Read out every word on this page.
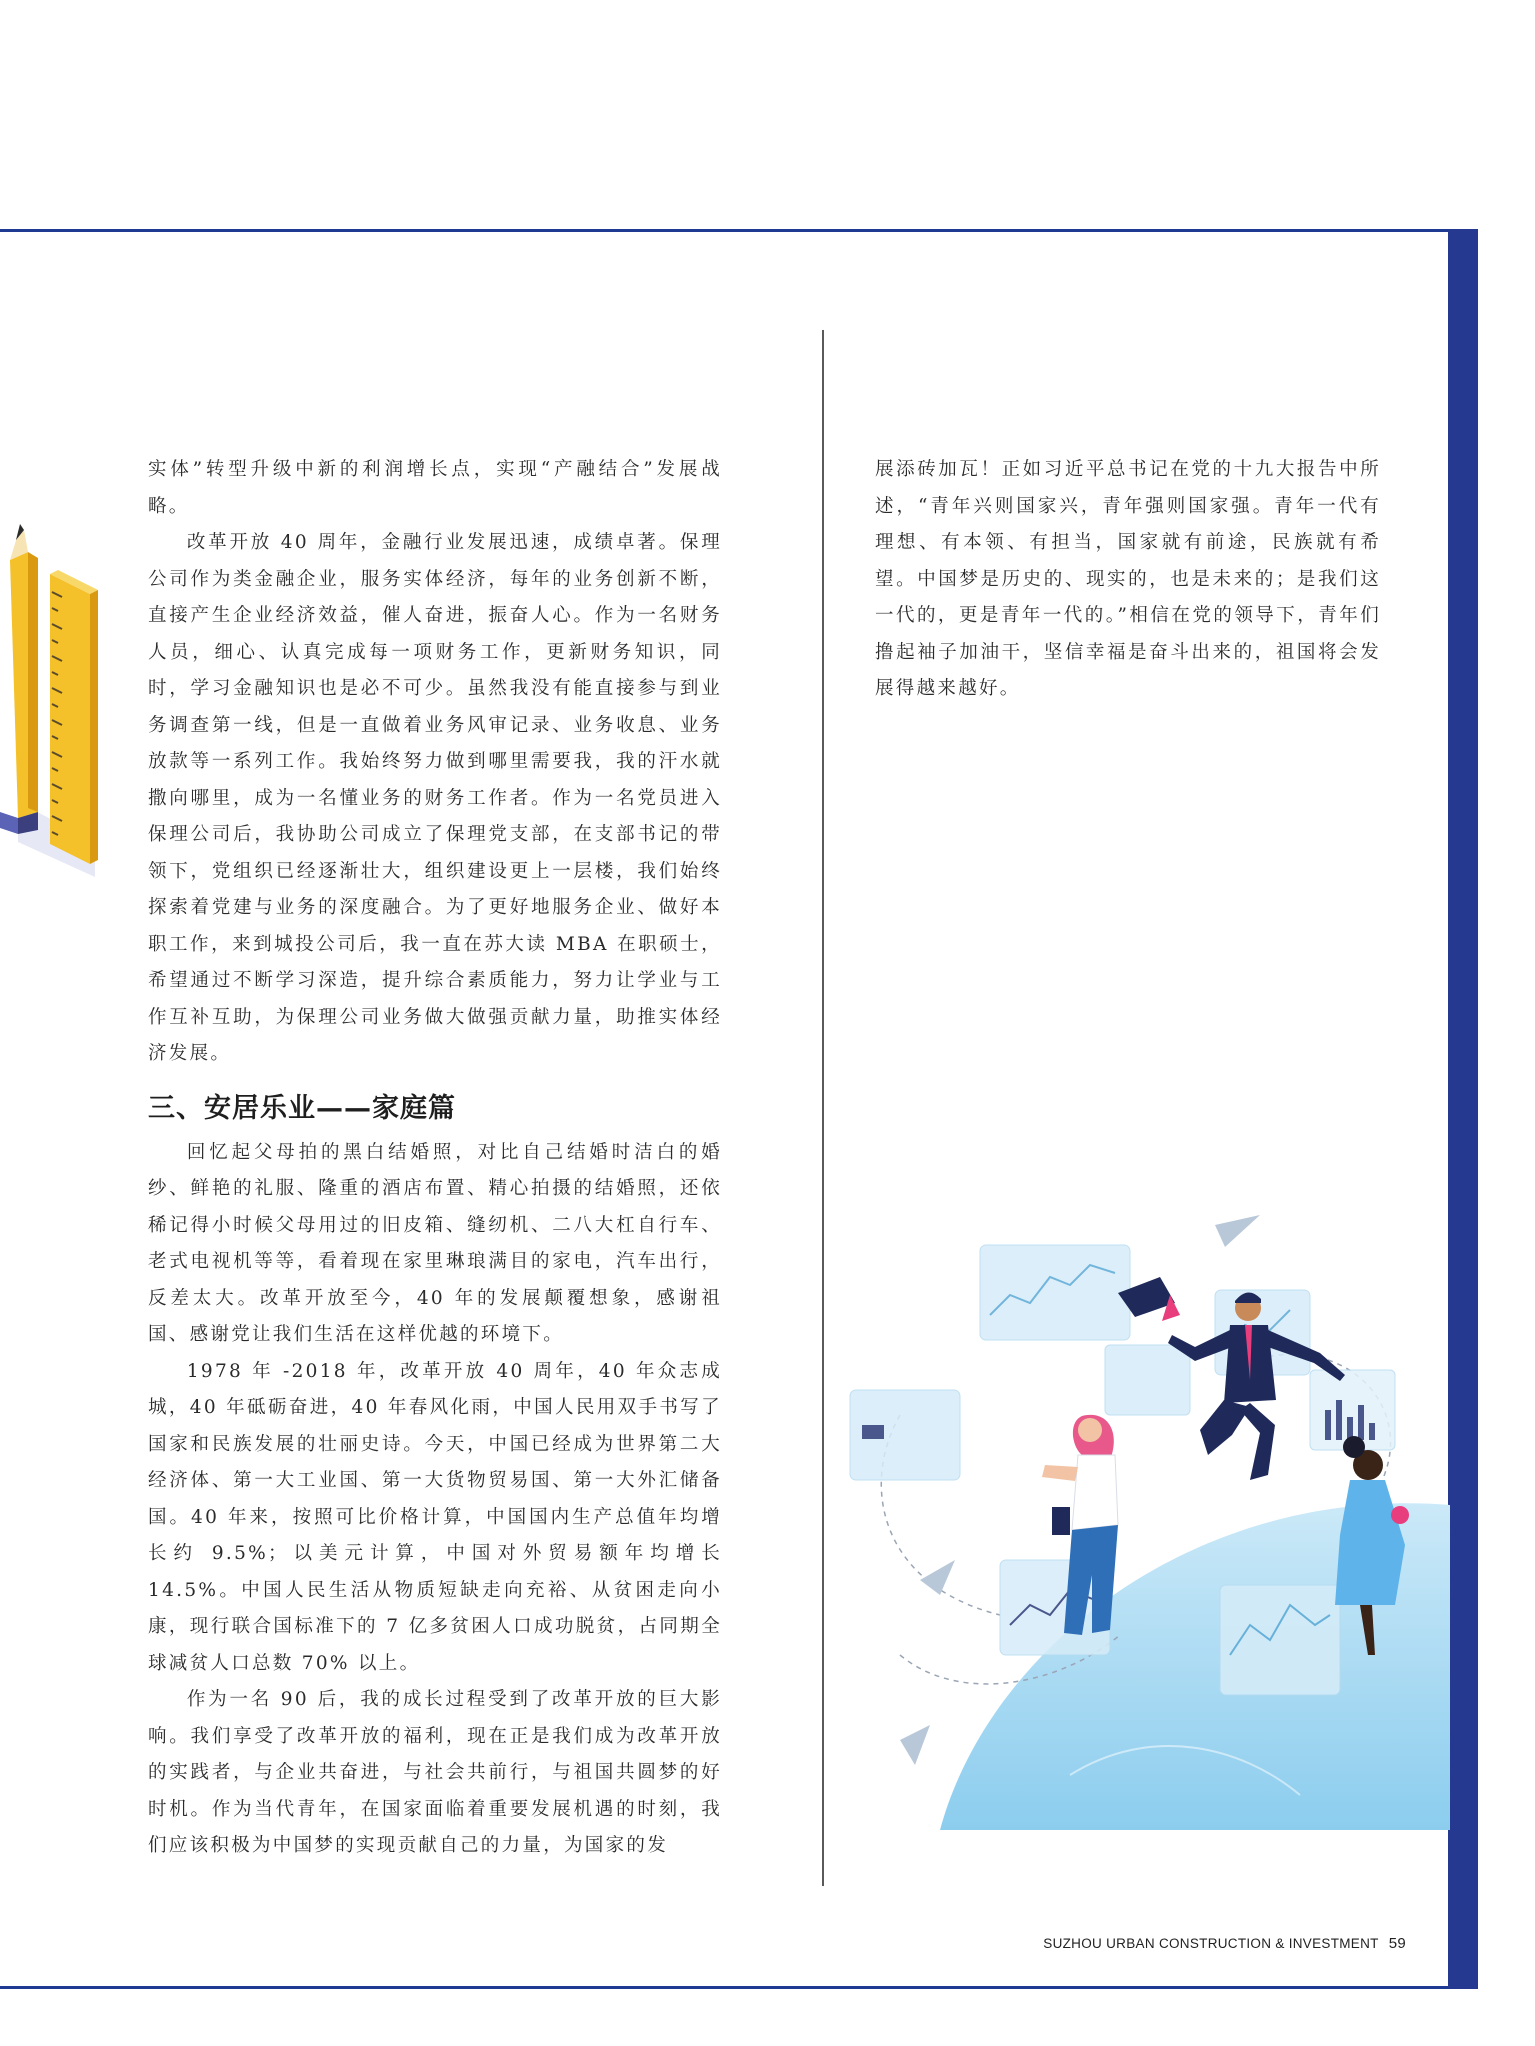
实体”转型升级中新的利润增长点，实现“产融结合”发展战略。

改革开放 40 周年，金融行业发展迅速，成绩卓著。保理公司作为类金融企业，服务实体经济，每年的业务创新不断，直接产生企业经济效益，催人奋进，振奋人心。作为一名财务人员，细心、认真完成每一项财务工作，更新财务知识，同时，学习金融知识也是必不可少。虽然我没有能直接参与到业务调查第一线，但是一直做着业务风审记录、业务收息、业务放款等一系列工作。我始终努力做到哪里需要我，我的汗水就撒向哪里，成为一名懂业务的财务工作者。作为一名党员进入保理公司后，我协助公司成立了保理党支部，在支部书记的带领下，党组织已经逐渐壮大，组织建设更上一层楼，我们始终探索着党建与业务的深度融合。为了更好地服务企业、做好本职工作，来到城投公司后，我一直在苏大读 MBA 在职硕士，希望通过不断学习深造，提升综合素质能力，努力让学业与工作互补互助，为保理公司业务做大做强贡献力量，助推实体经济发展。

三、安居乐业——家庭篇

回忆起父母拍的黑白结婚照，对比自己结婚时洁白的婚纱、鲜艳的礼服、隆重的酒店布置、精心拍摄的结婚照，还依稀记得小时候父母用过的旧皮箱、缝纫机、二八大杠自行车、老式电视机等等，看着现在家里琳琅满目的家电，汽车出行，反差太大。改革开放至今，40 年的发展颠覆想象，感谢祖国、感谢党让我们生活在这样优越的环境下。

1978 年 -2018 年，改革开放 40 周年，40 年众志成城，40 年砥砺奋进，40 年春风化雨，中国人民用双手书写了国家和民族发展的壮丽史诗。今天，中国已经成为世界第二大经济体、第一大工业国、第一大货物贸易国、第一大外汇储备国。40 年来，按照可比价格计算，中国国内生产总值年均增长约 9.5%；以美元计算，中国对外贸易额年均增长 14.5%。中国人民生活从物质短缺走向充裕、从贫困走向小康，现行联合国标准下的 7 亿多贫困人口成功脱贫，占同期全球减贫人口总数 70% 以上。

作为一名 90 后，我的成长过程受到了改革开放的巨大影响。我们享受了改革开放的福利，现在正是我们成为改革开放的实践者，与企业共奋进，与社会共前行，与祖国共圆梦的好时机。作为当代青年，在国家面临着重要发展机遇的时刻，我们应该积极为中国梦的实现贡献自己的力量，为国家的发

展添砖加瓦！正如习近平总书记在党的十九大报告中所述，“青年兴则国家兴，青年强则国家强。青年一代有理想、有本领、有担当，国家就有前途，民族就有希望。中国梦是历史的、现实的，也是未来的；是我们这一代的，更是青年一代的。”相信在党的领导下，青年们撸起袖子加油干，坚信幸福是奋斗出来的，祖国将会发展得越来越好。

SUZHOU URBAN CONSTRUCTION & INVESTMENT 59
